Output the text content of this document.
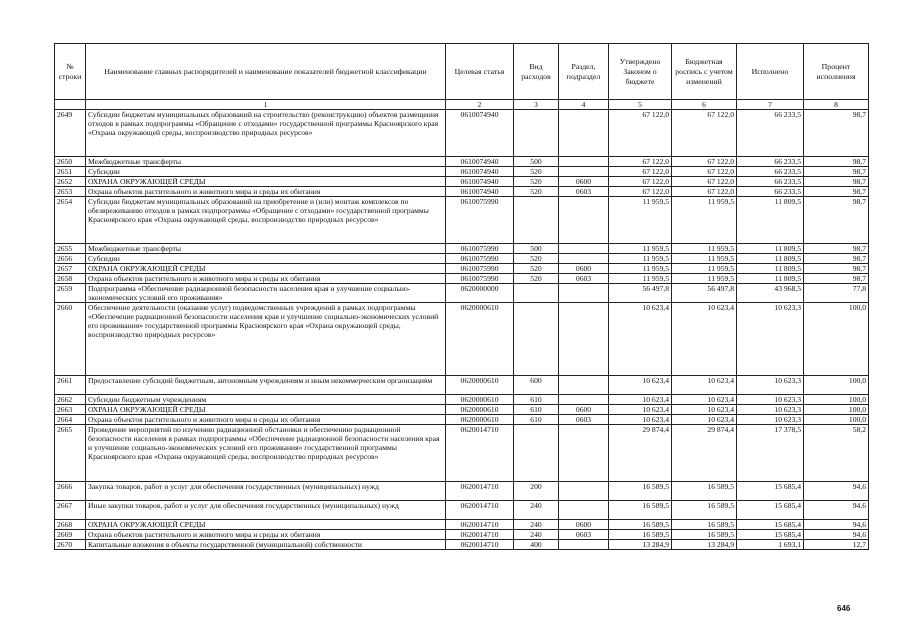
№ строки	Наименование главных распорядителей и наименование показателей бюджетной классификации	Целевая статья	Вид расходов	Раздел, подраздел	Утверждено Законом о бюджете	Бюджетная роспись с учетом изменений	Исполнено	Процент исполнения
	1	2	3	4	5	6	7	8
2649	Субсидии бюджетам муниципальных образований на строительство (реконструкцию) объектов размещения отходов в рамках подпрограммы «Обращение с отходами» государственной программы Красноярского края «Охрана окружающей среды, воспроизводство природных ресурсов»	0610074940			67 122,0	67 122,0	66 233,5	98,7
2650	Межбюджетные трансферты	0610074940	500		67 122,0	67 122,0	66 233,5	98,7
2651	Субсидии	0610074940	520		67 122,0	67 122,0	66 233,5	98,7
2652	ОХРАНА ОКРУЖАЮЩЕЙ СРЕДЫ	0610074940	520	0600	67 122,0	67 122,0	66 233,5	98,7
2653	Охрана объектов растительного и животного мира и среды их обитания	0610074940	520	0603	67 122,0	67 122,0	66 233,5	98,7
2654	Субсидии бюджетам муниципальных образований на приобретение и (или) монтаж комплексов по обезвреживанию отходов в рамках подпрограммы «Обращение с отходами» государственной программы Красноярского края «Охрана окружающей среды, воспроизводство природных ресурсов»	0610075990			11 959,5	11 959,5	11 809,5	98,7
2655	Межбюджетные трансферты	0610075990	500		11 959,5	11 959,5	11 809,5	98,7
2656	Субсидии	0610075990	520		11 959,5	11 959,5	11 809,5	98,7
2657	ОХРАНА ОКРУЖАЮЩЕЙ СРЕДЫ	0610075990	520	0600	11 959,5	11 959,5	11 809,5	98,7
2658	Охрана объектов растительного и животного мира и среды их обитания	0610075990	520	0603	11 959,5	11 959,5	11 809,5	98,7
2659	Подпрограмма «Обеспечение радиационной безопасности населения края и улучшение социально-экономических условий его проживания»	0620000000			56 497,8	56 497,8	43 968,5	77,8
2660	Обеспечение деятельности (оказание услуг) подведомственных учреждений в рамках подпрограммы «Обеспечение радиационной безопасности населения края и улучшение социально-экономических условий его проживания» государственной программы Красноярского края «Охрана окружающей среды, воспроизводство природных ресурсов»	0620000610			10 623,4	10 623,4	10 623,3	100,0
2661	Предоставление субсидий бюджетным, автономным учреждениям и иным некоммерческим организациям	0620000610	600		10 623,4	10 623,4	10 623,3	100,0
2662	Субсидии бюджетным учреждениям	0620000610	610		10 623,4	10 623,4	10 623,3	100,0
2663	ОХРАНА ОКРУЖАЮЩЕЙ СРЕДЫ	0620000610	610	0600	10 623,4	10 623,4	10 623,3	100,0
2664	Охрана объектов растительного и животного мира и среды их обитания	0620000610	610	0603	10 623,4	10 623,4	10 623,3	100,0
2665	Проведение мероприятий по изучению радиационной обстановки и обеспечению радиационной безопасности населения в рамках подпрограммы «Обеспечение радиационной безопасности населения края и улучшение социально-экономических условий его проживания» государственной программы Красноярского края «Охрана окружающей среды, воспроизводство природных ресурсов»	0620014710			29 874,4	29 874,4	17 378,5	58,2
2666	Закупка товаров, работ и услуг для обеспечения государственных (муниципальных) нужд	0620014710	200		16 589,5	16 589,5	15 685,4	94,6
2667	Иные закупки товаров, работ и услуг для обеспечения государственных (муниципальных) нужд	0620014710	240		16 589,5	16 589,5	15 685,4	94,6
2668	ОХРАНА ОКРУЖАЮЩЕЙ СРЕДЫ	0620014710	240	0600	16 589,5	16 589,5	15 685,4	94,6
2669	Охрана объектов растительного и животного мира и среды их обитания	0620014710	240	0603	16 589,5	16 589,5	15 685,4	94,6
2670	Капитальные вложения в объекты государственной (муниципальной) собственности	0620014710	400		13 284,9	13 284,9	1 693,1	12,7
646
